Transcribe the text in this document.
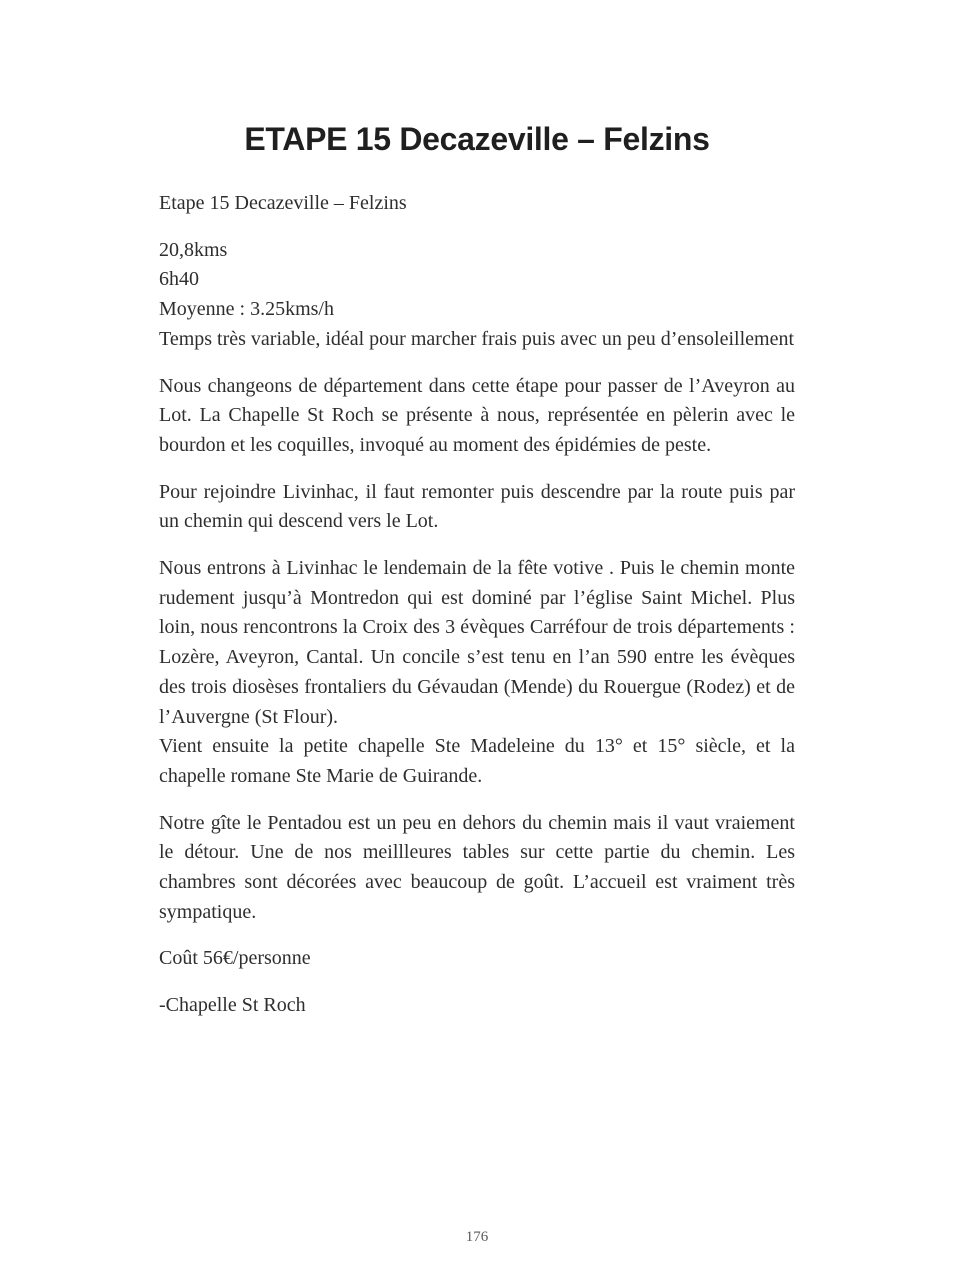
ETAPE 15 Decazeville – Felzins
Etape 15 Decazeville – Felzins
20,8kms
6h40
Moyenne : 3.25kms/h
Temps très variable, idéal pour marcher frais puis avec un peu d’ensoleillement
Nous changeons de département dans cette étape pour passer de l’Aveyron au Lot. La Chapelle St Roch se présente à nous, représentée en pèlerin avec le bourdon et les coquilles, invoqué au moment des épidémies de peste.
Pour rejoindre Livinhac, il faut remonter puis descendre par la route puis par un chemin qui descend vers le Lot.
Nous entrons à Livinhac le lendemain de la fête votive . Puis le chemin monte rudement jusqu’à Montredon qui est dominé par l’église Saint Michel. Plus loin, nous rencontrons la Croix des 3 évèques Carréfour de trois départements : Lozère, Aveyron, Cantal. Un concile s’est tenu en l’an 590 entre les évèques des trois diosèses frontaliers du Gévaudan (Mende) du Rouergue (Rodez) et de l’Auvergne (St Flour).
Vient ensuite la petite chapelle Ste Madeleine du 13° et 15° siècle, et la chapelle romane Ste Marie de Guirande.
Notre gîte le Pentadou est un peu en dehors du chemin mais il vaut vraiement le détour. Une de nos meillleures tables sur cette partie du chemin. Les chambres sont décorées avec beaucoup de goût. L’accueil est vraiment très sympatique.
Coût 56€/personne
-Chapelle St Roch
176
